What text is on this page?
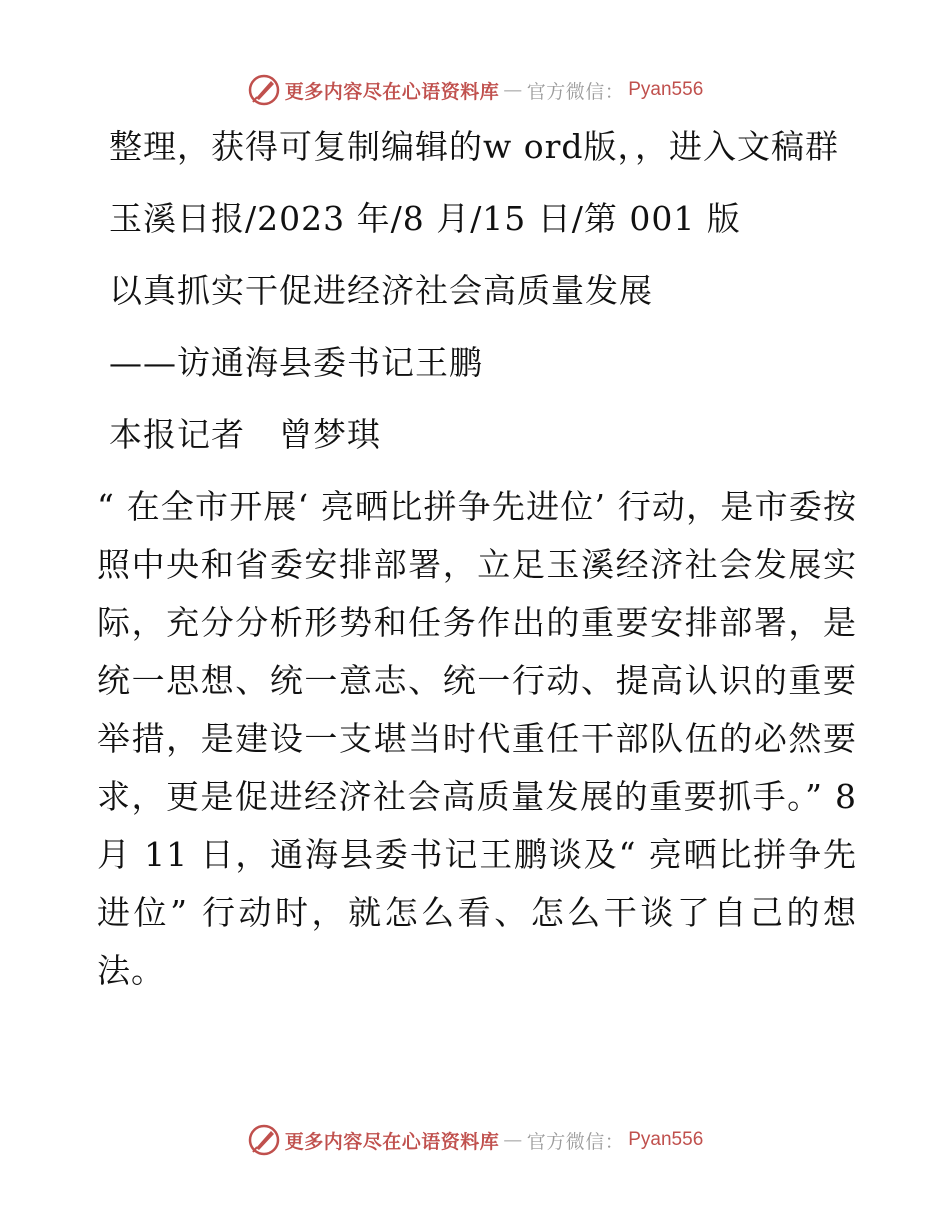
更多内容尽在心语资料库 — 官方微信： Pyan556

整理，获得可复制编辑的w ord版，，进入文稿群

玉溪日报/2023 年/8 月/15 日/第 001 版

以真抓实干促进经济社会高质量发展

——访通海县委书记王鹏

本报记者　曾梦琪

“ 在全市开展‘ 亮晒比拼争先进位’ 行动，是市委按照中央和省委安排部署，立足玉溪经济社会发展实际，充分分析形势和任务作出的重要安排部署，是统一思想、统一意志、统一行动、提高认识的重要举措，是建设一支堪当时代重任干部队伍的必然要求，更是促进经济社会高质量发展的重要抓手。” 8 月 11 日，通海县委书记王鹏谈及“ 亮晒比拼争先进位” 行动时，就怎么看、怎么干谈了自己的想法。

更多内容尽在心语资料库 — 官方微信： Pyan556
